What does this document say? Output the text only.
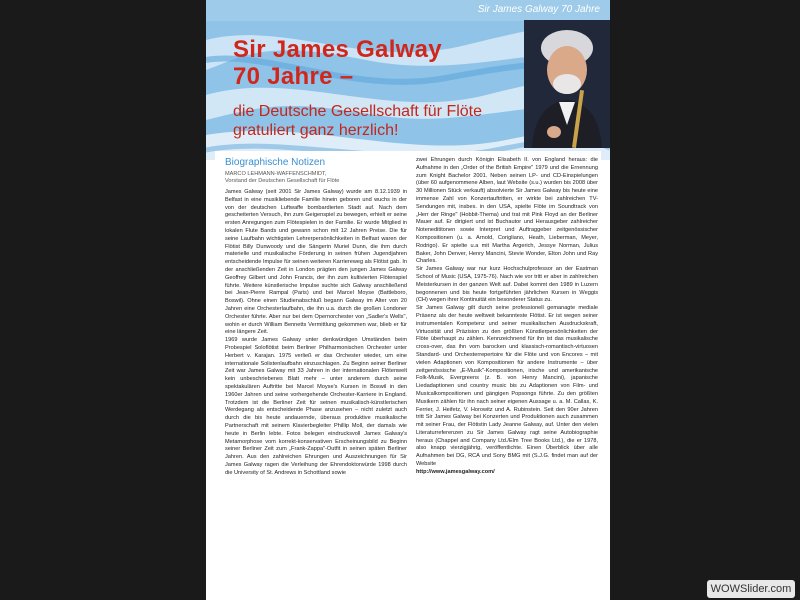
Sir James Galway 70 Jahre
Sir James Galway
70 Jahre –
die Deutsche Gesellschaft für Flöte gratuliert ganz herzlich!
Biographische Notizen
MARCO LEHMANN-WAFFENSCHMIDT,
Vorstand der Deutschen Gesellschaft für Flöte

James Galway (seit 2001 Sir James Galway) wurde am 8.12.1939 in Belfast in eine musikliebende Familie hinein geboren und wuchs in der von der deutschen Luftwaffe bombardierten Stadt auf. Nach dem gescheiterten Versuch, ihn zum Geigenspiel zu bewegen, erhielt er seine ersten Anregungen zum Flötespielen in der Familie. Er wurde Mitglied in lokalen Flute Bands und gewann schon mit 12 Jahren Preise. Die für seine Laufbahn wichtigsten Lehrerpersönlichkeiten in Belfast waren der Flötist Billy Dunwoody und die Sängerin Muriel Dunn, die ihm durch materielle und musikalische Förderung in seinen frühen Jugendjahren entscheidende Impulse für seinen weiteren Karriereweg als Flötist gab. In der anschließenden Zeit in London prägten den jungen James Galway Geoffrey Gilbert und John Francis, der ihn zum kultivierten Flötenspiel führte. Weitere künstlerische Impulse suchte sich Galway anschließend bei Jean-Pierre Rampal (Paris) und bei Marcel Moyse (Battleboro, Boswil). Ohne einen Studienabschluß begann Galway im Alter von 20 Jahren eine Orchesterlaufbahn, die ihn u.a. durch die großen Londoner Orchester führte. Aber nur bei dem Opernorchester von „Sadler's Wells", wohin er durch William Bennetts Vermittlung gekommen war, blieb er für eine längere Zeit.

1969 wurde James Galway unter denkwürdigen Umständen beim Probespiel Soloflötist beim Berliner Philharmonischen Orchester unter Herbert v. Karajan. 1975 verließ er das Orchester wieder, um eine internationale Solistenlaufbahn einzuschlagen. Zu Beginn seiner Berliner Zeit war James Galway mit 33 Jahren in der internationalen Flötenwelt kein unbeschriebenes Blatt mehr – unter anderem durch seine spektakulären Auftritte bei Marcel Moyse's Kursen in Boswil in den 1960er Jahren und seine vorhergehende Orchester-Karriere in England. Trotzdem ist die Berliner Zeit für seinen musikalisch-künstlerischen Werdegang als entscheidende Phase anzusehen – nicht zuletzt auch durch die bis heute andauernde, überaus produktive musikalische Partnerschaft mit seinem Klavierbegleiter Phillip Moll, der damals wie heute in Berlin lebte. Fotos belegen eindrucksvoll James Galway's Metamorphose vom korrekt-konservativen Erscheinungsbild zu Beginn seiner Berliner Zeit zum „Frank-Zappa"-Outfit in seinen späten Berliner Jahren. Aus den zahlreichen Ehrungen und Auszeichnungen für Sir James Galway ragen die Verleihung der Ehrendoktorwürde 1998 durch die University of St. Andrews in Schottland sowie

zwei Ehrungen durch Königin Elisabeth II. von England heraus: die Aufnahme in den „Order of the British Empire" 1979 und die Ernennung zum Knight Bachelor 2001. Neben seinen LP- und CD-Einspielungen (über 60 aufgenommene Alben, laut Website (s.u.) wurden bis 2008 über 30 Millionen Stück verkauft) absolvierte Sir James Galway bis heute eine immense Zahl von Konzertauftritten, er wirkte bei zahlreichen TV-Sendungen mit, insbes. in den USA, spielte Flöte im Soundtrack von „Herr der Ringe" (Hobbit-Thema) und trat mit Pink Floyd an der Berliner Mauer auf. Er dirigiert und ist Buchautor und Herausgeber zahlreicher Notenedititonen sowie Interpret und Auftraggeber zeitgenössischer Kompositionen (u. a. Arnold, Corigliano, Heath, Lieberman, Meyer, Rodrigo). Er spielte u.a mit Martha Argerich, Jessye Norman, Julius Baker, John Denver, Henry Mancini, Stevie Wonder, Elton John und Ray Charles.

Sir James Galway war nur kurz Hochschulprofessor an der Eastman School of Music (USA, 1975-76). Nach wie vor tritt er aber in zahlreichen Meisterkursen in der ganzen Welt auf. Dabei kommt den 1989 in Luzern begonnenen und bis heute fortgeführten jährlichen Kursen in Weggis (CH) wegen ihrer Kontinuität ein besonderer Status zu.

Sir James Galway gilt durch seine professionell gemanagte mediale Präsenz als der heute weltweit bekannteste Flötist. Er ist wegen seiner instrumentalen Kompetenz und seiner musikalischen Ausdruckskraft, Virtuosität und Präzision zu den größten Künstlerpersönlichkeiten der Flöte überhaupt zu zählen. Kennzeichnend für ihn ist das musikalische cross-over, das ihn vom barocken und klassisch-romantisch-virtuosen Standard- und Orchesterrepertoire für die Flöte und von Encores – mit vielen Adaptionen von Kompositionen für andere Instrumente – über zeitgenössische „E-Musik"-Kompositionen, irische und amerikanische Folk-Musik, Evergreens (z. B. von Henry Mancini), japanische Liedadaptionen und country music bis zu Adaptionen von Film- und Musicalkompositionen und gängigen Popsongs führte. Zu den größten Musikern zählen für ihn nach seiner eigenen Aussage u. a. M. Callas, K. Ferrier, J. Heifetz, V. Horowitz und A. Rubinstein. Seit den 90er Jahren tritt Sir James Galway bei Konzerten und Produktionen auch zusammen mit seiner Frau, der Flötistin Lady Jeanne Galway, auf. Unter den vielen Literaturreferenzen zu Sir James Galway ragt seine Autobiographie heraus (Chappel and Company Ltd./Elm Tree Books Ltd.), die er 1978, also knapp vierzigjährig, veröffentlichte. Einen Überblick über alle Aufnahmen bei DG, RCA und Sony BMG mit (S.J.G. findet man auf der Website

http://www.jamesgalway.com/

WOWSlider.com
